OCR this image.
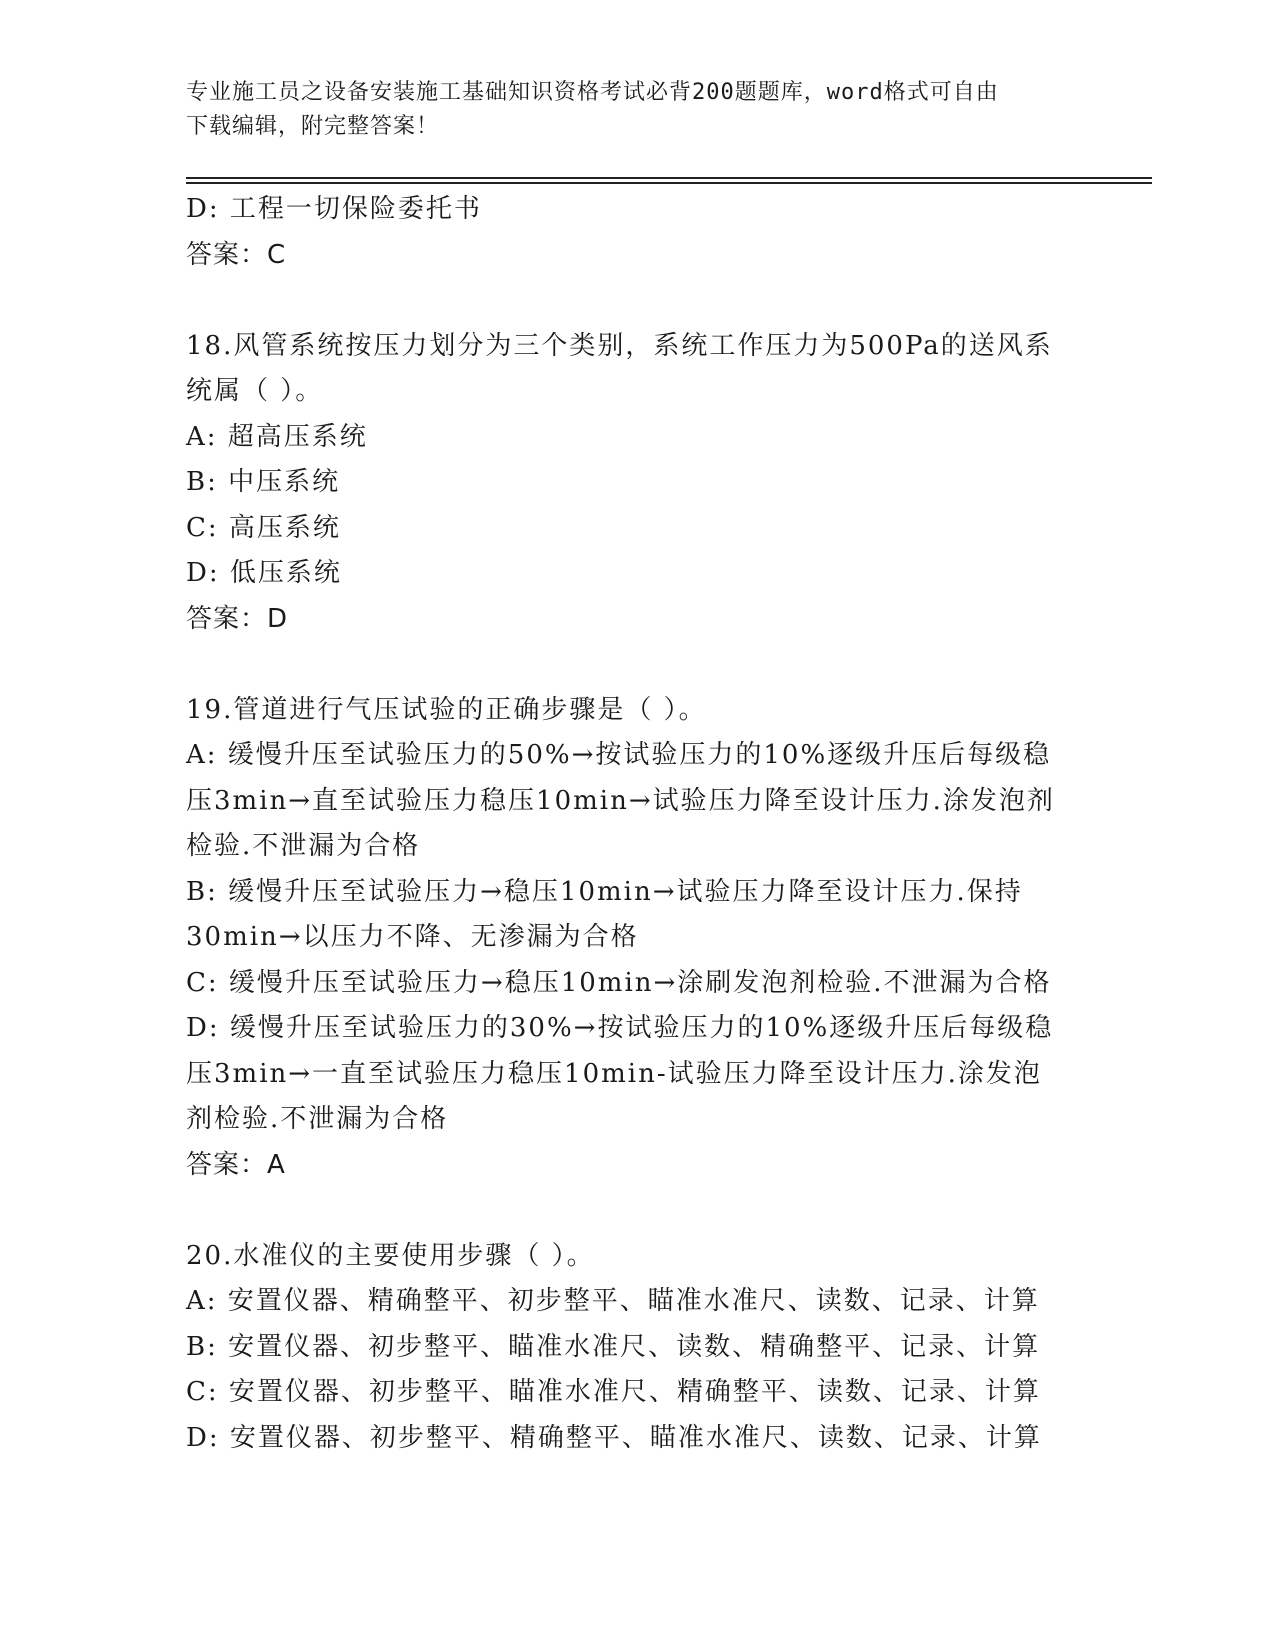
专业施工员之设备安装施工基础知识资格考试必背200题题库，word格式可自由
下载编辑，附完整答案！
D: 工程一切保险委托书
答案：C
18.风管系统按压力划分为三个类别，系统工作压力为500Pa的送风系
统属（ ）。
A: 超高压系统
B: 中压系统
C: 高压系统
D: 低压系统
答案：D
19.管道进行气压试验的正确步骤是（ ）。
A: 缓慢升压至试验压力的50%→按试验压力的10%逐级升压后每级稳
压3min→直至试验压力稳压10min→试验压力降至设计压力.涂发泡剂
检验.不泄漏为合格
B: 缓慢升压至试验压力→稳压10min→试验压力降至设计压力.保持
30min→以压力不降、无渗漏为合格
C: 缓慢升压至试验压力→稳压10min→涂刷发泡剂检验.不泄漏为合格
D: 缓慢升压至试验压力的30%→按试验压力的10%逐级升压后每级稳
压3min→一直至试验压力稳压10min-试验压力降至设计压力.涂发泡
剂检验.不泄漏为合格
答案：A
20.水准仪的主要使用步骤（ ）。
A: 安置仪器、精确整平、初步整平、瞄准水准尺、读数、记录、计算
B: 安置仪器、初步整平、瞄准水准尺、读数、精确整平、记录、计算
C: 安置仪器、初步整平、瞄准水准尺、精确整平、读数、记录、计算
D: 安置仪器、初步整平、精确整平、瞄准水准尺、读数、记录、计算
